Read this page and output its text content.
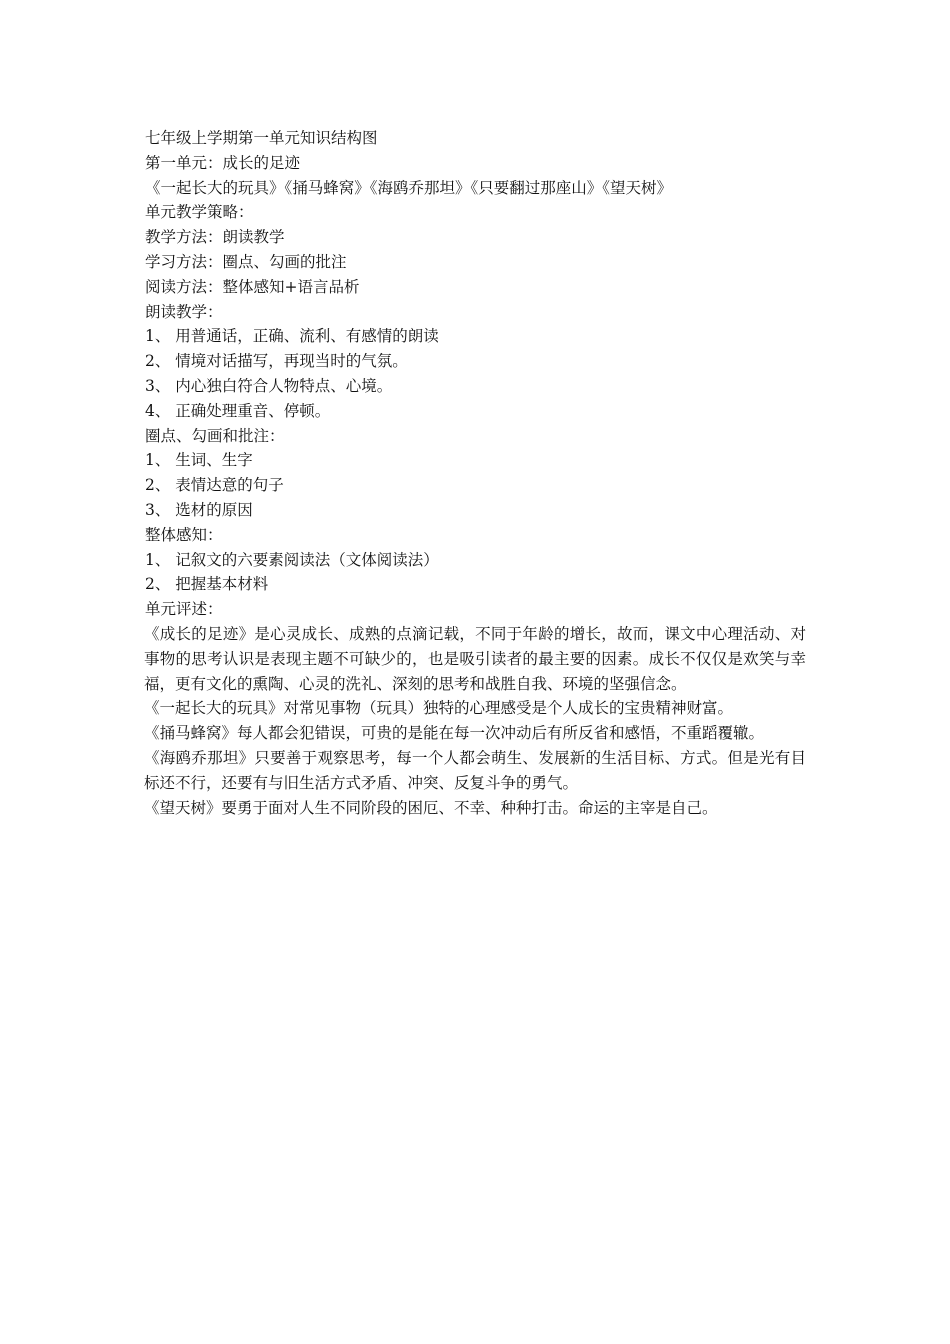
七年级上学期第一单元知识结构图
第一单元：成长的足迹
《一起长大的玩具》《捅马蜂窝》《海鸥乔那坦》《只要翻过那座山》《望天树》
单元教学策略：
教学方法：朗读教学
学习方法：圈点、勾画的批注
阅读方法：整体感知+语言品析
朗读教学：
1、 用普通话，正确、流利、有感情的朗读
2、 情境对话描写，再现当时的气氛。
3、 内心独白符合人物特点、心境。
4、 正确处理重音、停顿。
圈点、勾画和批注：
1、 生词、生字
2、 表情达意的句子
3、 选材的原因
整体感知：
1、 记叙文的六要素阅读法（文体阅读法）
2、 把握基本材料
单元评述：
《成长的足迹》是心灵成长、成熟的点滴记载，不同于年龄的增长，故而，课文中心理活动、对事物的思考认识是表现主题不可缺少的，也是吸引读者的最主要的因素。成长不仅仅是欢笑与幸福，更有文化的熏陶、心灵的洗礼、深刻的思考和战胜自我、环境的坚强信念。
《一起长大的玩具》对常见事物（玩具）独特的心理感受是个人成长的宝贵精神财富。
《捅马蜂窝》每人都会犯错误，可贵的是能在每一次冲动后有所反省和感悟，不重蹈覆辙。
《海鸥乔那坦》只要善于观察思考，每一个人都会萌生、发展新的生活目标、方式。但是光有目标还不行，还要有与旧生活方式矛盾、冲突、反复斗争的勇气。
《望天树》要勇于面对人生不同阶段的困厄、不幸、种种打击。命运的主宰是自己。
